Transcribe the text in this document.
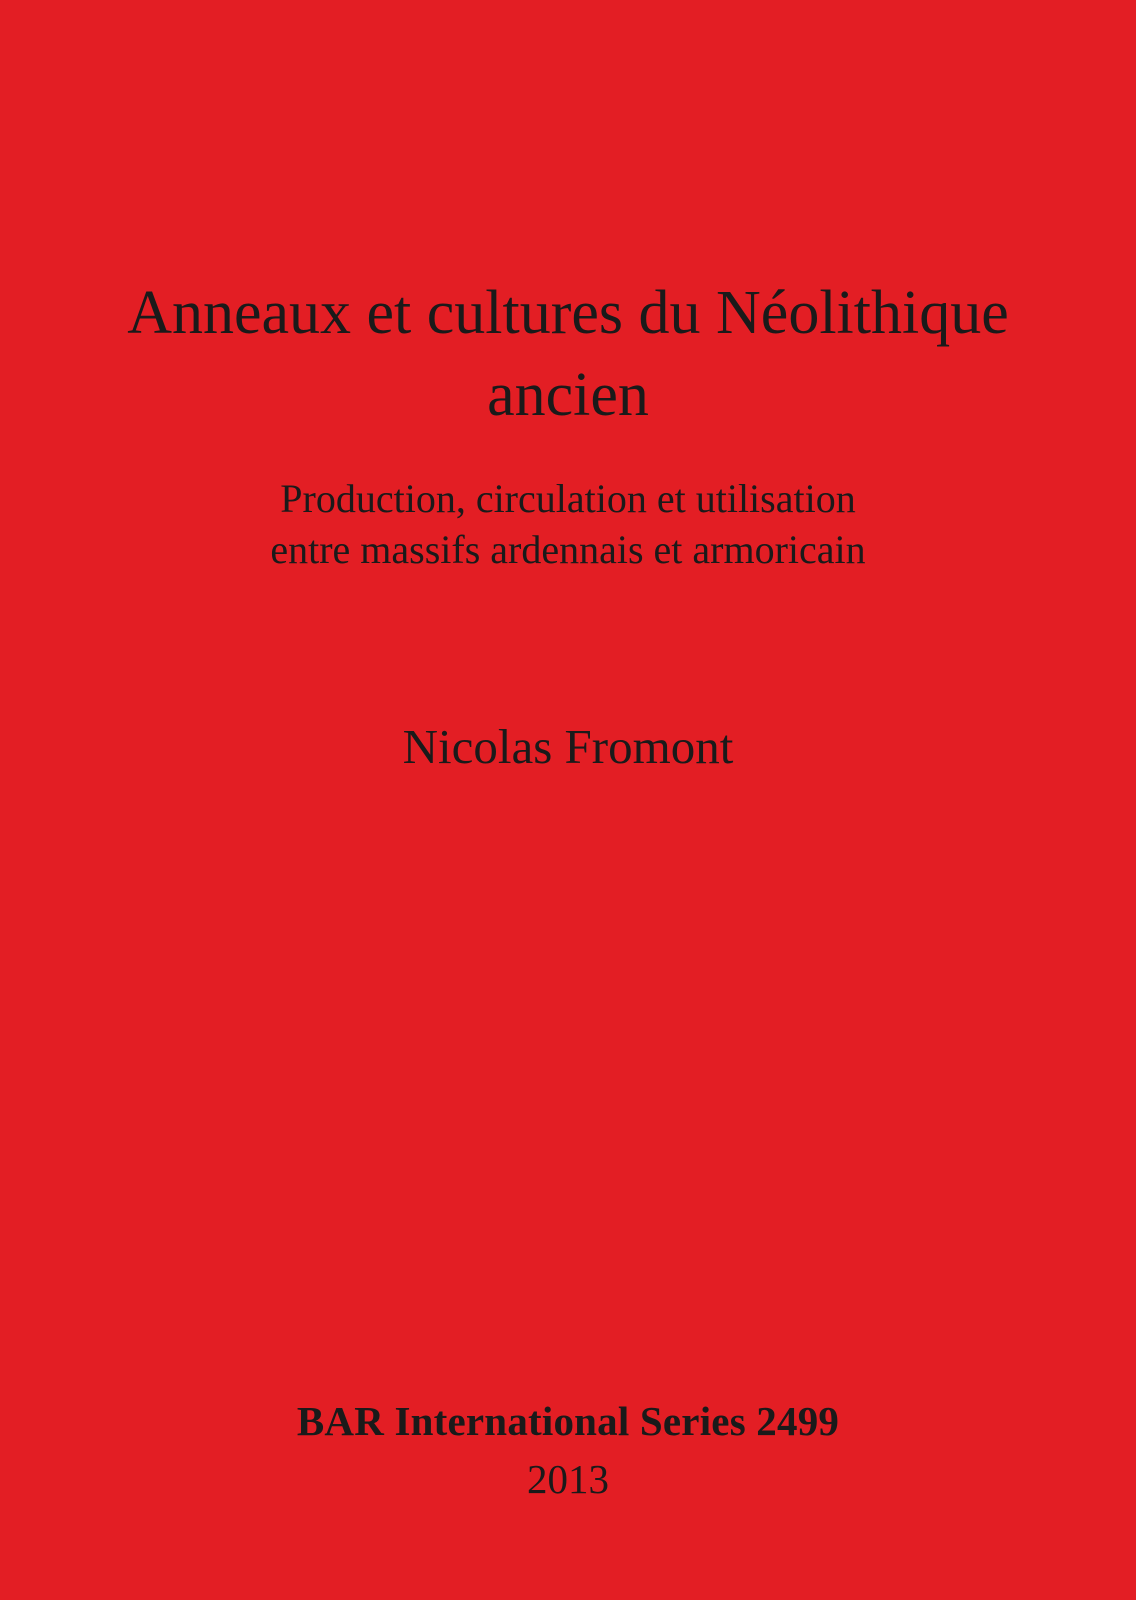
Anneaux et cultures du Néolithique ancien
Production, circulation et utilisation
entre massifs ardennais et armoricain
Nicolas Fromont
BAR International Series 2499
2013
